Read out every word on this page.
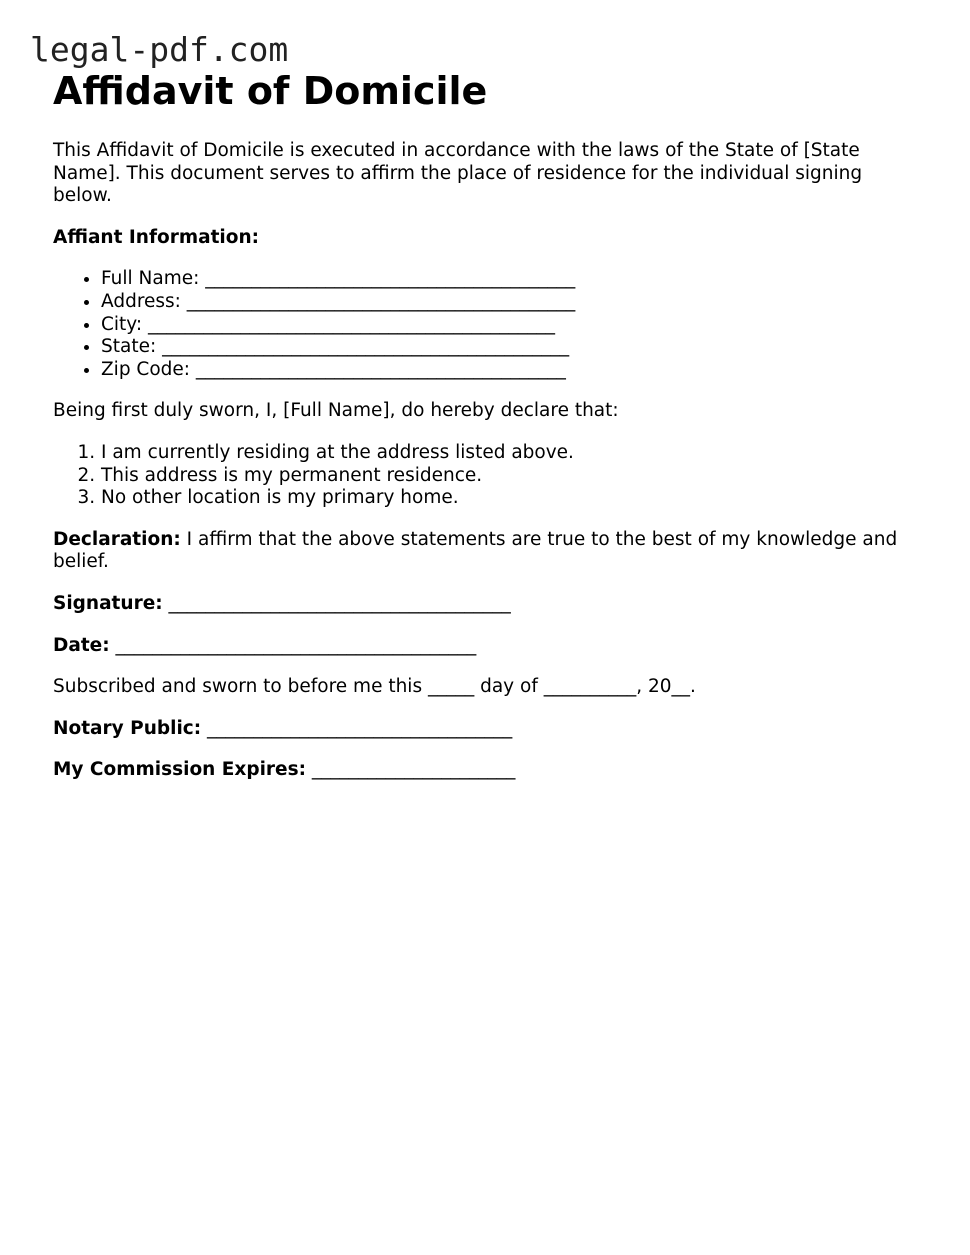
legal-pdf.com
Affidavit of Domicile

This Affidavit of Domicile is executed in accordance with the laws of the State of [State Name]. This document serves to affirm the place of residence for the individual signing below.

Affiant Information:

• Full Name: ________________________________________
• Address: __________________________________________
• City: ____________________________________________
• State: ____________________________________________
• Zip Code: ________________________________________

Being first duly sworn, I, [Full Name], do hereby declare that:

1. I am currently residing at the address listed above.
2. This address is my permanent residence.
3. No other location is my primary home.

Declaration: I affirm that the above statements are true to the best of my knowledge and belief.

Signature: _____________________________________

Date: _______________________________________

Subscribed and sworn to before me this _____ day of __________, 20__.

Notary Public: _________________________________

My Commission Expires: ______________________
